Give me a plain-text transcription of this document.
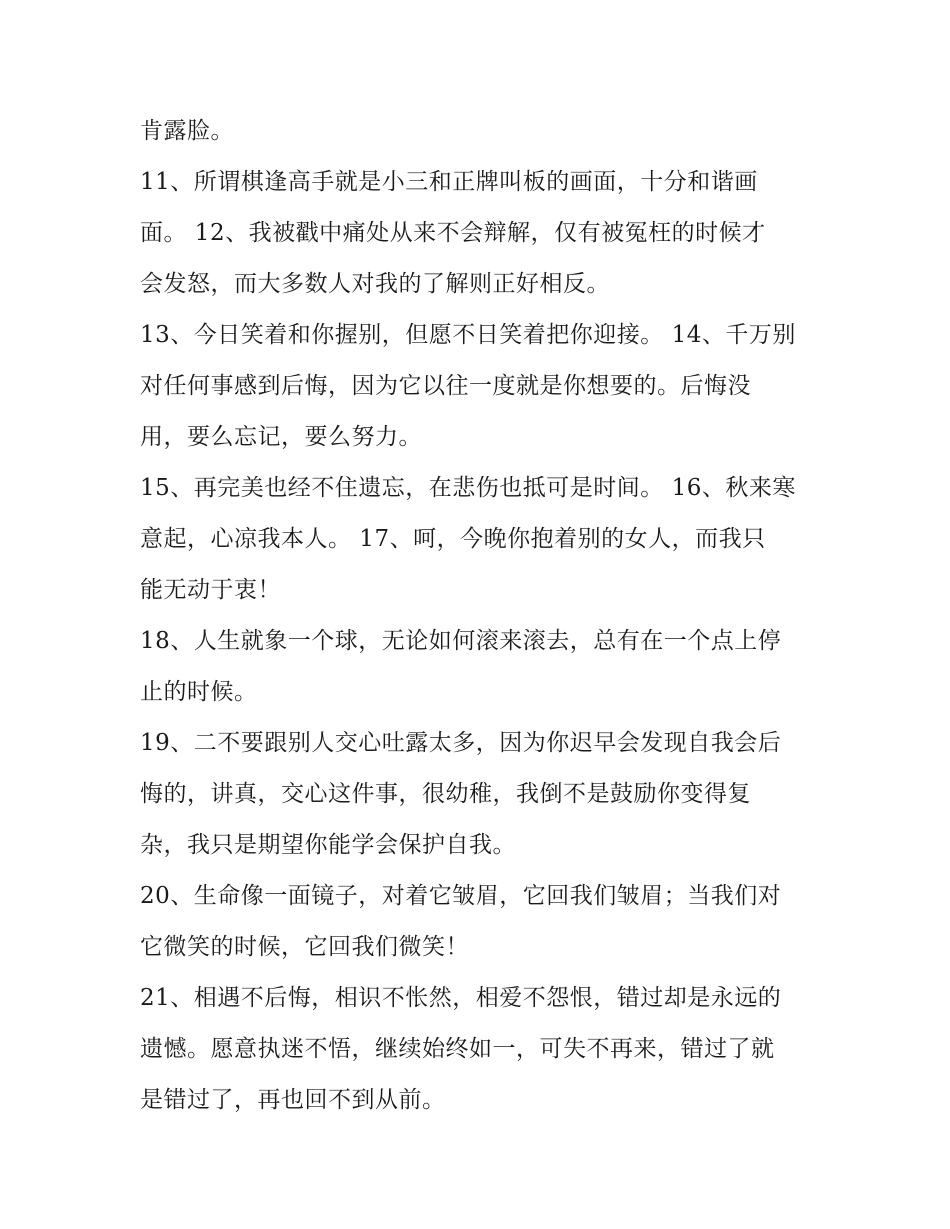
肯露脸。

11、所谓棋逢高手就是小三和正牌叫板的画面，十分和谐画
面。 12、我被戳中痛处从来不会辩解，仅有被冤枉的时候才
会发怒，而大多数人对我的了解则正好相反。

13、今日笑着和你握别，但愿不日笑着把你迎接。 14、千万别
对任何事感到后悔，因为它以往一度就是你想要的。后悔没
用，要么忘记，要么努力。

15、再完美也经不住遗忘，在悲伤也抵可是时间。 16、秋来寒
意起，心凉我本人。 17、呵，今晚你抱着别的女人，而我只
能无动于衷！

18、人生就象一个球，无论如何滚来滚去，总有在一个点上停
止的时候。

19、二不要跟别人交心吐露太多，因为你迟早会发现自我会后
悔的，讲真，交心这件事，很幼稚，我倒不是鼓励你变得复
杂，我只是期望你能学会保护自我。

20、生命像一面镜子，对着它皱眉，它回我们皱眉；当我们对
它微笑的时候，它回我们微笑！

21、相遇不后悔，相识不怅然，相爱不怨恨，错过却是永远的
遗憾。愿意执迷不悟，继续始终如一，可失不再来，错过了就
是错过了，再也回不到从前。
